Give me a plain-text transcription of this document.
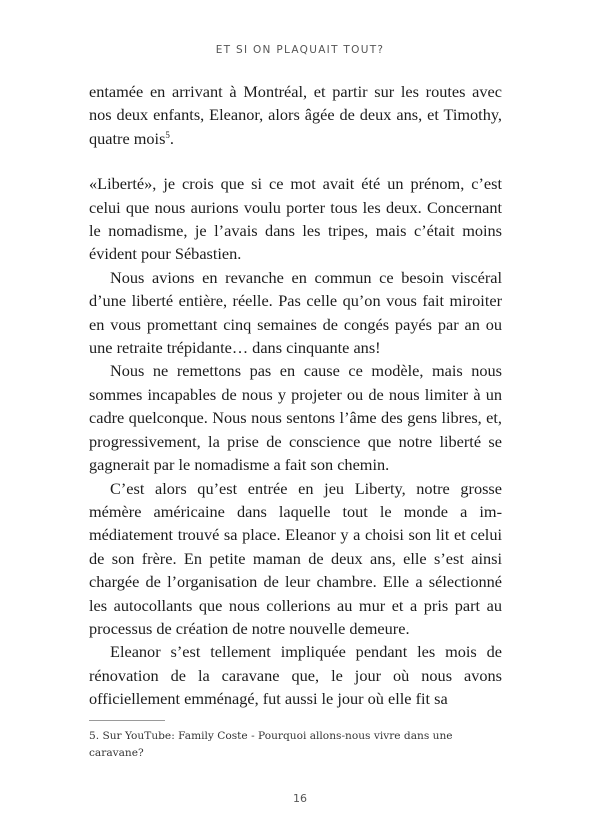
ET SI ON PLAQUAIT TOUT?

entamée en arrivant à Montréal, et partir sur les routes avec nos deux enfants, Eleanor, alors âgée de deux ans, et Timothy, quatre mois$^5$.

«Liberté», je crois que si ce mot avait été un prénom, c’est celui que nous aurions voulu porter tous les deux. Concernant le nomadisme, je l’avais dans les tripes, mais c’était moins évident pour Sébastien.

Nous avions en revanche en commun ce besoin viscéral d’une liberté entière, réelle. Pas celle qu’on vous fait miroiter en vous promettant cinq semaines de congés payés par an ou une retraite trépidante… dans cinquante ans!

Nous ne remettons pas en cause ce modèle, mais nous sommes incapables de nous y projeter ou de nous limiter à un cadre quelconque. Nous nous sentons l’âme des gens libres, et, progressivement, la prise de conscience que notre liberté se gagnerait par le nomadisme a fait son chemin.

C’est alors qu’est entrée en jeu Liberty, notre grosse mémère américaine dans laquelle tout le monde a immédiatement trouvé sa place. Eleanor y a choisi son lit et celui de son frère. En petite maman de deux ans, elle s’est ainsi chargée de l’organisation de leur chambre. Elle a sélectionné les autocollants que nous collerions au mur et a pris part au processus de création de notre nouvelle demeure.

Eleanor s’est tellement impliquée pendant les mois de rénovation de la caravane que, le jour où nous avons officiellement emménagé, fut aussi le jour où elle fit sa

5. Sur YouTube: Family Coste - Pourquoi allons-nous vivre dans une caravane?

16
